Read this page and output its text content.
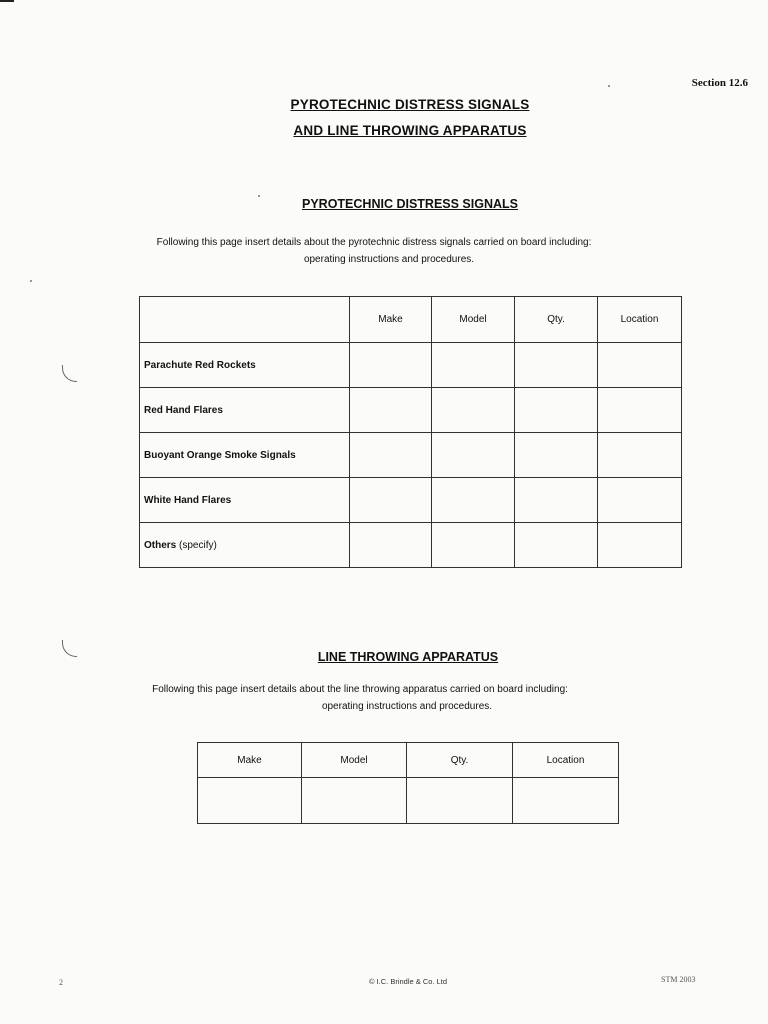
Section 12.6
PYROTECHNIC DISTRESS SIGNALS
AND LINE THROWING APPARATUS
PYROTECHNIC DISTRESS SIGNALS
Following this page insert details about the pyrotechnic distress signals carried on board including:
operating instructions and procedures.
	Make	Model	Qty.	Location
Parachute Red Rockets				
Red Hand Flares				
Buoyant Orange Smoke Signals				
White Hand Flares				
Others (specify)				
LINE THROWING APPARATUS
Following this page insert details about the line throwing apparatus carried on board including:
operating instructions and procedures.
Make	Model	Qty.	Location

2	© I.C. Brindle & Co. Ltd	STM 2003
